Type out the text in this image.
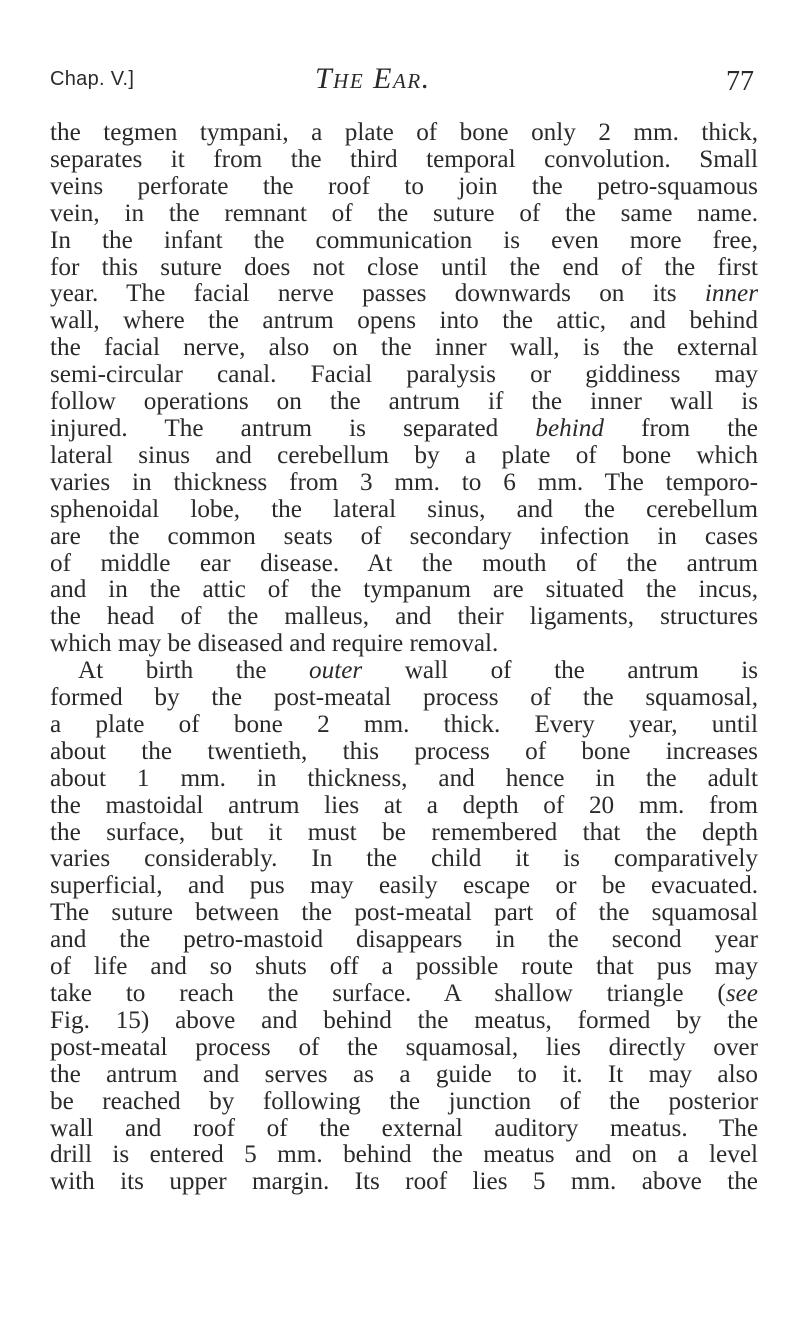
Chap. V.]	The Ear.	77
the tegmen tympani, a plate of bone only 2 mm. thick,
separates it from the third temporal convolution. Small
veins perforate the roof to join the petro-squamous
vein, in the remnant of the suture of the same name.
In the infant the communication is even more free,
for this suture does not close until the end of the first
year. The facial nerve passes downwards on its inner
wall, where the antrum opens into the attic, and behind
the facial nerve, also on the inner wall, is the external
semi-circular canal. Facial paralysis or giddiness may
follow operations on the antrum if the inner wall is
injured. The antrum is separated behind from the
lateral sinus and cerebellum by a plate of bone which
varies in thickness from 3 mm. to 6 mm. The temporo-
sphenoidal lobe, the lateral sinus, and the cerebellum
are the common seats of secondary infection in cases
of middle ear disease. At the mouth of the antrum
and in the attic of the tympanum are situated the incus,
the head of the malleus, and their ligaments, structures
which may be diseased and require removal.
At birth the outer wall of the antrum is
formed by the post-meatal process of the squamosal,
a plate of bone 2 mm. thick. Every year, until
about the twentieth, this process of bone increases
about 1 mm. in thickness, and hence in the adult
the mastoidal antrum lies at a depth of 20 mm. from
the surface, but it must be remembered that the depth
varies considerably. In the child it is comparatively
superficial, and pus may easily escape or be evacuated.
The suture between the post-meatal part of the squamosal
and the petro-mastoid disappears in the second year
of life and so shuts off a possible route that pus may
take to reach the surface. A shallow triangle (see
Fig. 15) above and behind the meatus, formed by the
post-meatal process of the squamosal, lies directly over
the antrum and serves as a guide to it. It may also
be reached by following the junction of the posterior
wall and roof of the external auditory meatus. The
drill is entered 5 mm. behind the meatus and on a level
with its upper margin. Its roof lies 5 mm. above the
